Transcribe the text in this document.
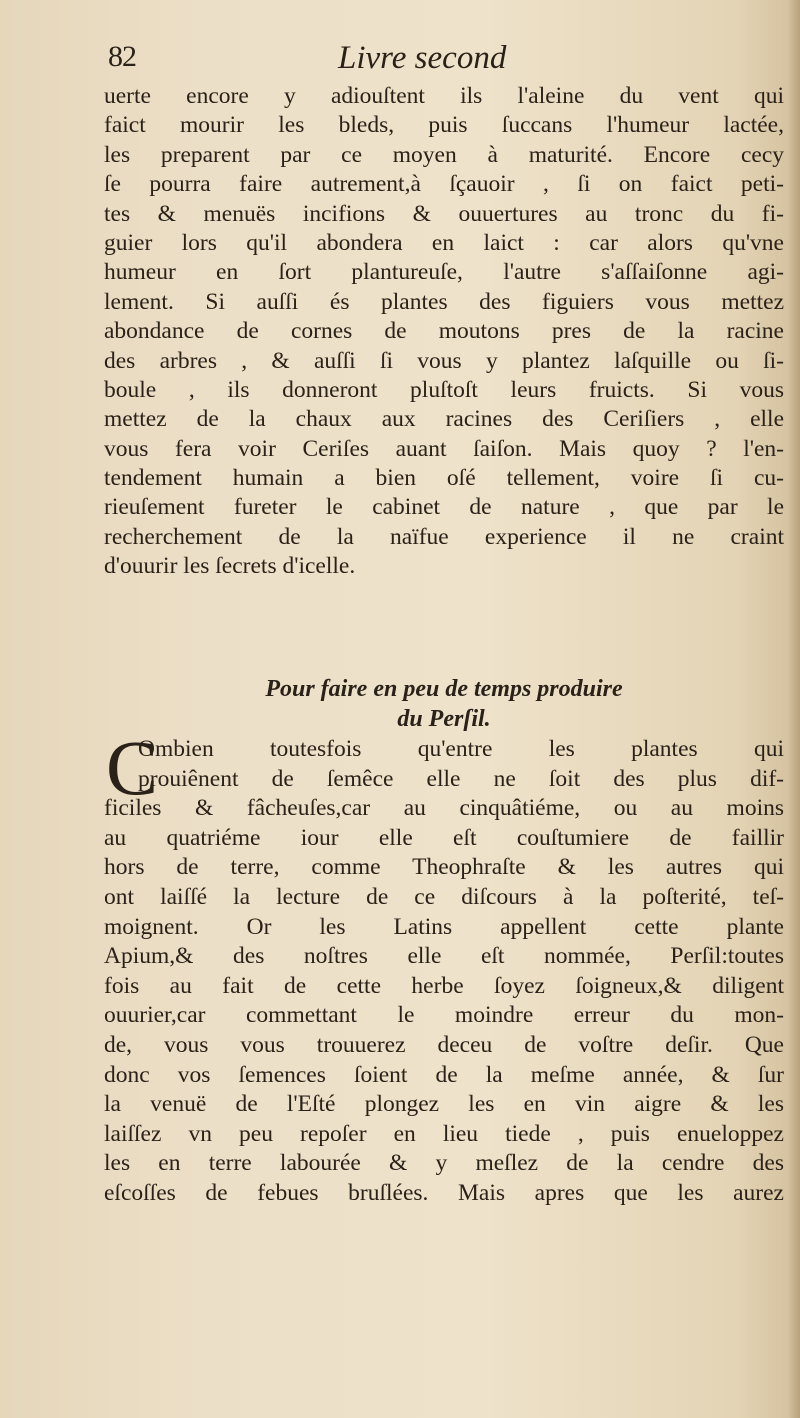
82	Livre second
uerte encore y adiouſtent ils l'aleine du vent qui
faict mourir les bleds, puis ſuccans l'humeur lactée,
les preparent par ce moyen à maturité. Encore cecy
ſe pourra faire autrement,à ſçauoir , ſi on faict peti-
tes & menuës incifions & ouuertures au tronc du fi-
guier lors qu'il abondera en laict : car alors qu'vne
humeur en ſort plantureuſe, l'autre s'aſſaiſonne agi-
lement. Si auſſi és plantes des figuiers vous mettez
abondance de cornes de moutons pres de la racine
des arbres , & auſſi ſi vous y plantez laſquille ou ſi-
boule , ils donneront pluſtoſt leurs fruicts. Si vous
mettez de la chaux aux racines des Ceriſiers , elle
vous fera voir Ceriſes auant ſaiſon. Mais quoy ? l'en-
tendement humain a bien oſé tellement, voire ſi cu-
rieuſement fureter le cabinet de nature , que par le
recherchement de la naïfue experience il ne craint
d'ouurir les ſecrets d'icelle.
Pour faire en peu de temps produire
du Perſil.
C
Ombien toutesfois qu'entre les plantes qui
prouiênent de ſemêce elle ne ſoit des plus dif-
ficiles & fâcheuſes,car au cinquâtiéme, ou au moins
au quatriéme iour elle eſt couſtumiere de faillir
hors de terre, comme Theophraſte & les autres qui
ont laiſſé la lecture de ce diſcours à la poſterité, teſ-
moignent. Or les Latins appellent cette plante
Apium,& des noſtres elle eſt nommée, Perſil:toutes
fois au fait de cette herbe ſoyez ſoigneux,& diligent
ouurier,car commettant le moindre erreur du mon-
de, vous vous trouuerez deceu de voſtre deſir. Que
donc vos ſemences ſoient de la meſme année, & ſur
la venuë de l'Eſté plongez les en vin aigre & les
laiſſez vn peu repoſer en lieu tiede , puis enueloppez
les en terre labourée & y meſlez de la cendre des
eſcoſſes de febues bruſlées. Mais apres que les aurez
